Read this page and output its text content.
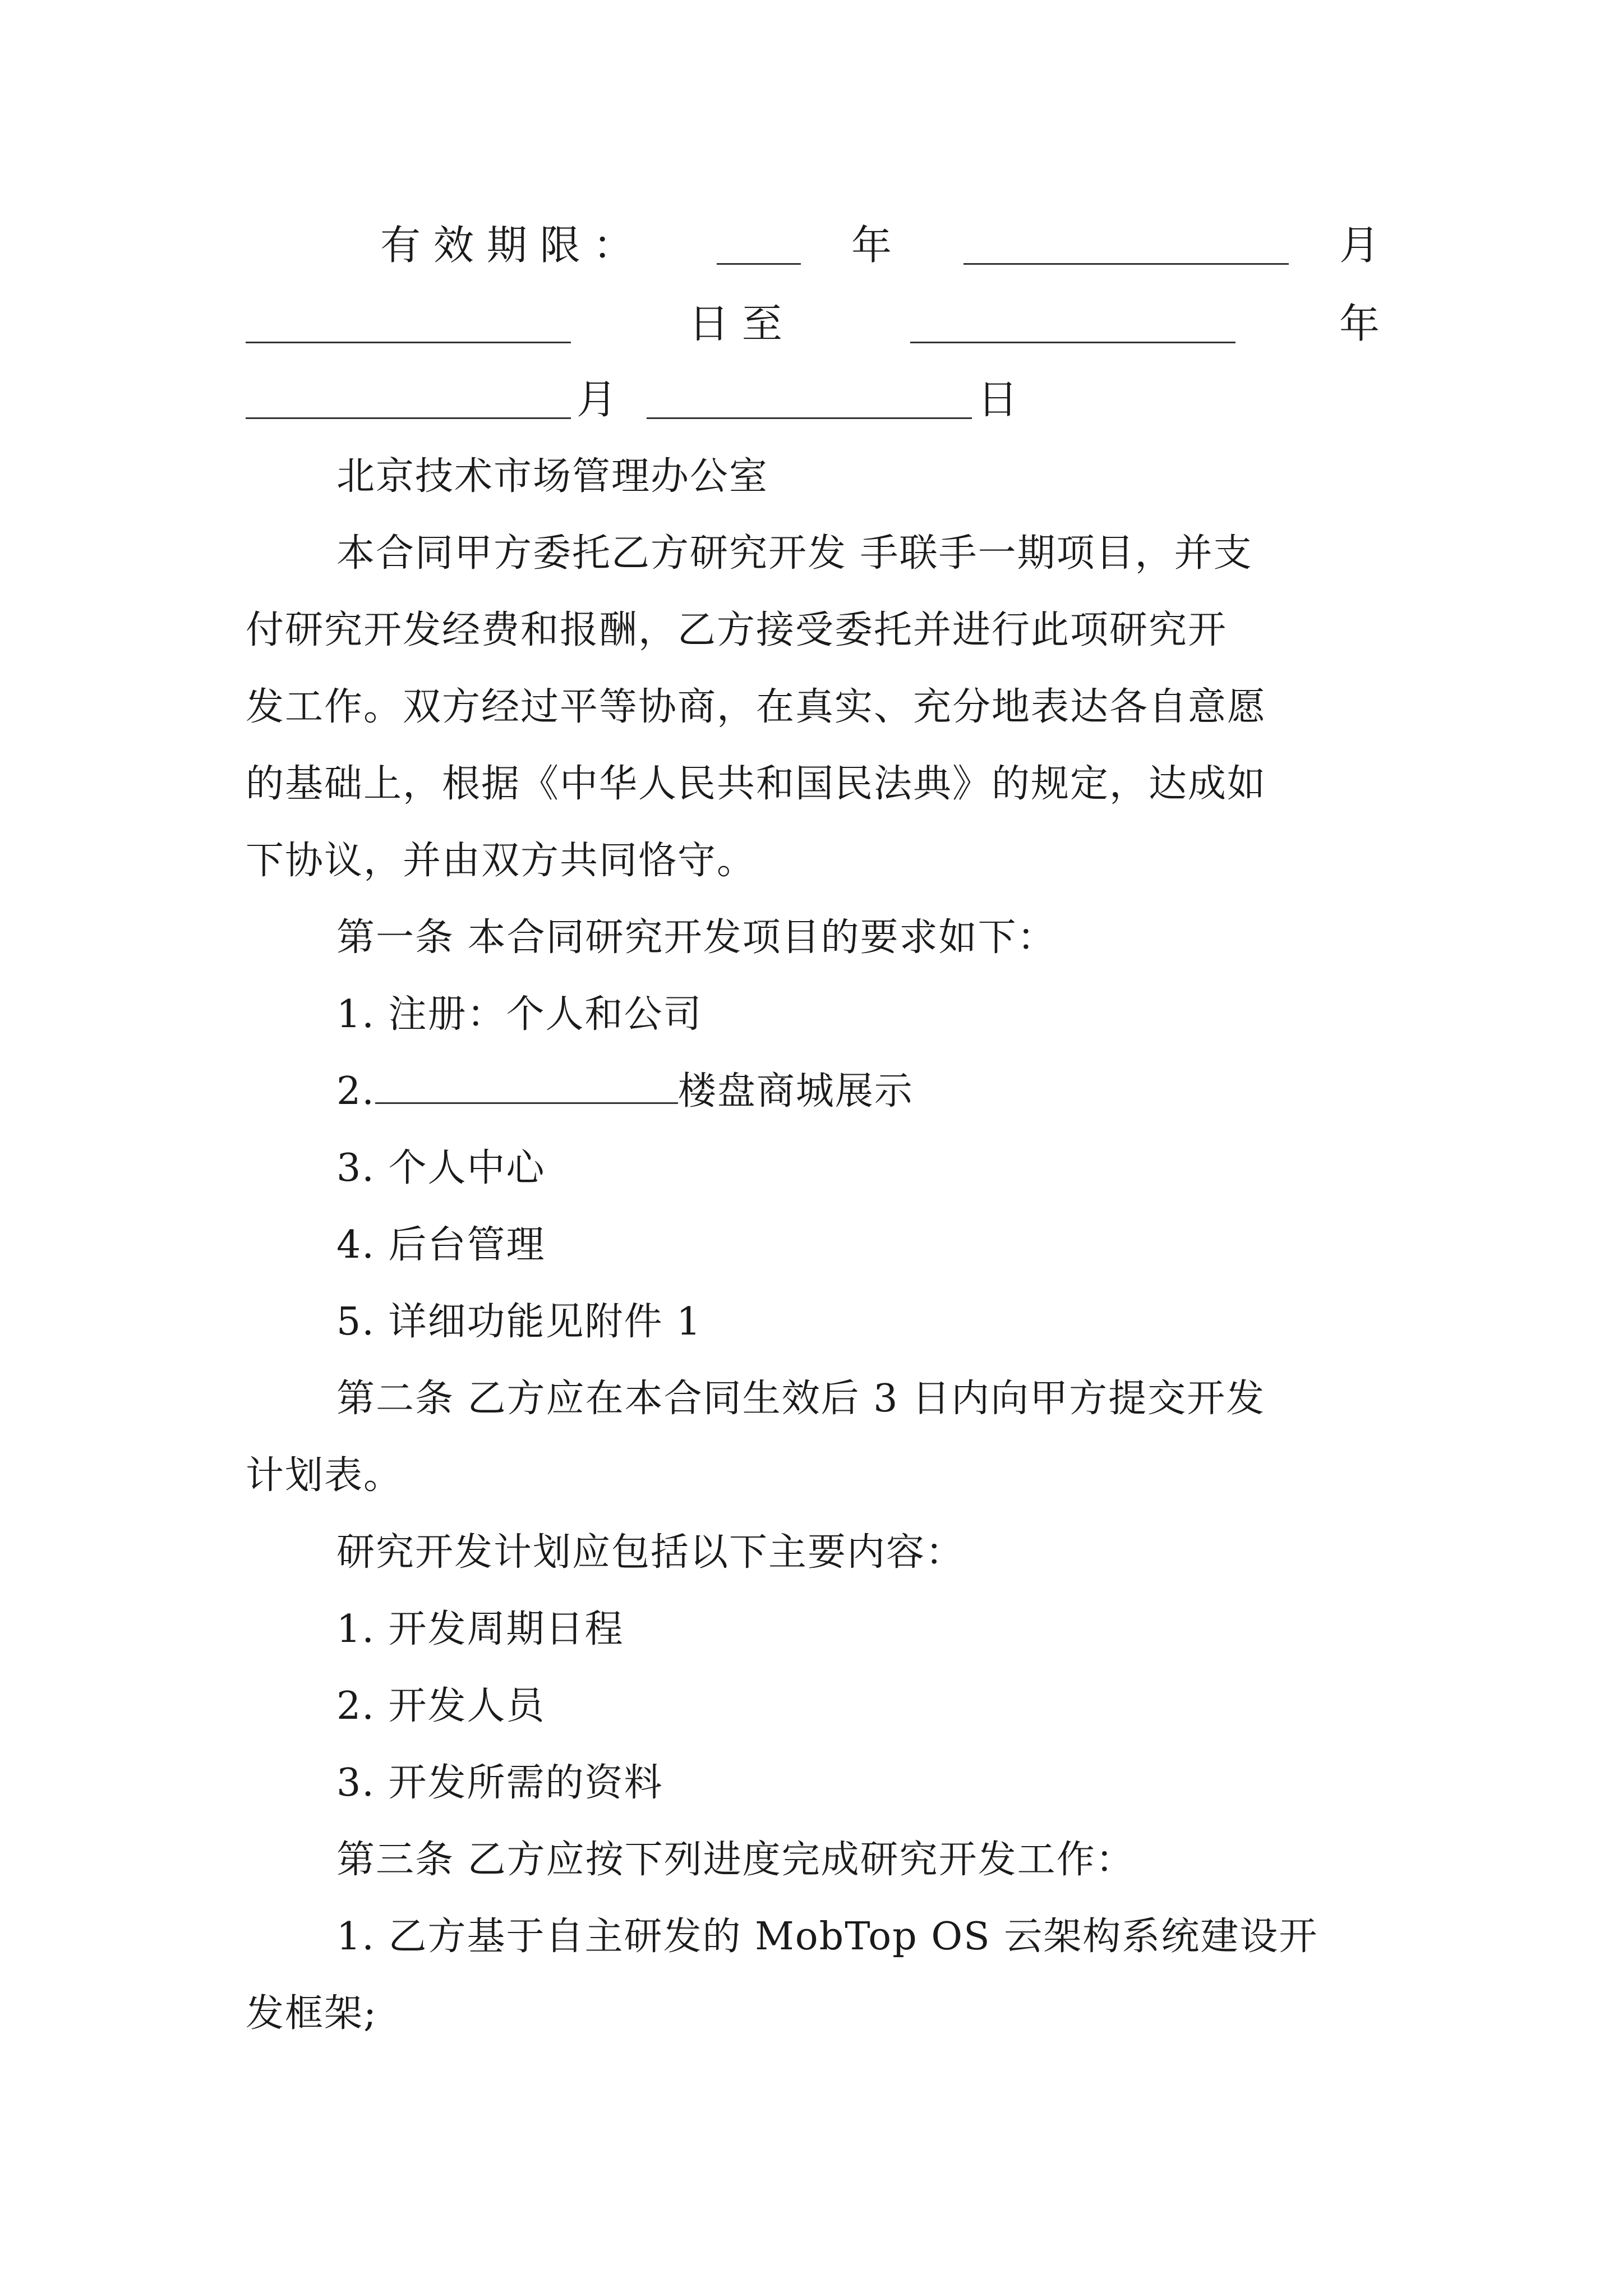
有 效 期 限 ：	年	月
日 至	年
月	日
北京技术市场管理办公室
本合同甲方委托乙方研究开发 手联手一期项目，并支
付研究开发经费和报酬，乙方接受委托并进行此项研究开
发工作。双方经过平等协商，在真实、充分地表达各自意愿
的基础上，根据《中华人民共和国民法典》的规定，达成如
下协议，并由双方共同恪守。
第一条 本合同研究开发项目的要求如下：
1. 注册：个人和公司
2.	楼盘商城展示
3. 个人中心
4. 后台管理
5. 详细功能见附件 1
第二条 乙方应在本合同生效后 3 日内向甲方提交开发
计划表。
研究开发计划应包括以下主要内容：
1. 开发周期日程
2. 开发人员
3. 开发所需的资料
第三条 乙方应按下列进度完成研究开发工作：
1. 乙方基于自主研发的 MobTop OS 云架构系统建设开
发框架;
